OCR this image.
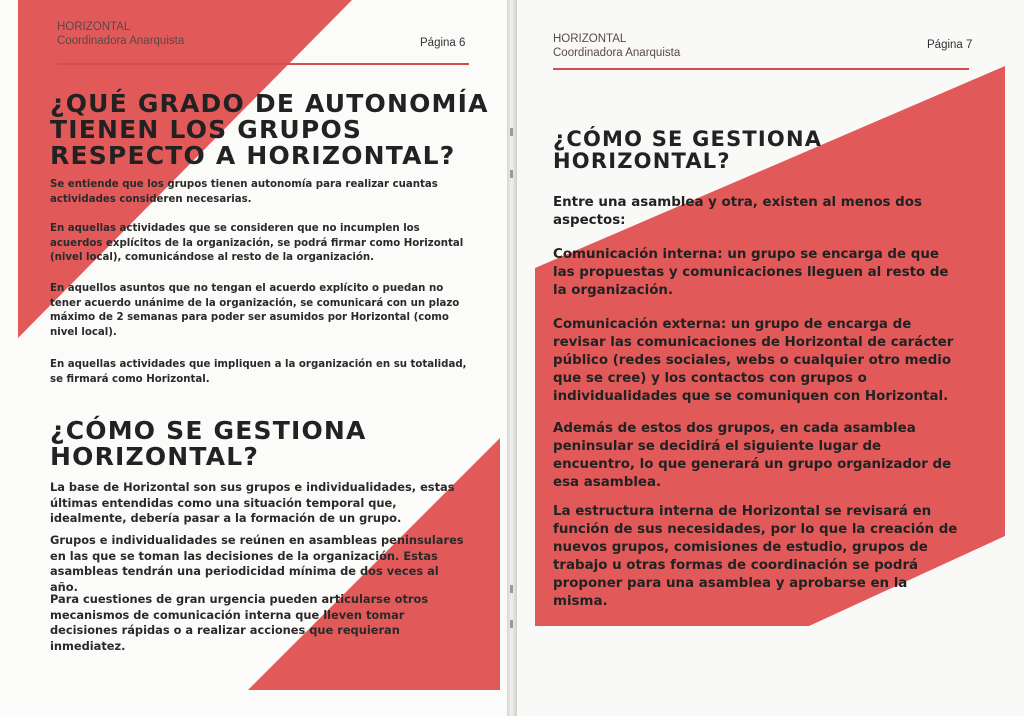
HORIZONTAL
Coordinadora Anarquista	Página 6
¿QUÉ GRADO DE AUTONOMÍA
TIENEN LOS GRUPOS
RESPECTO A HORIZONTAL?

Se entiende que los grupos tienen autonomía para realizar cuantas actividades consideren necesarias.

En aquellas actividades que se consideren que no incumplen los acuerdos explícitos de la organización, se podrá firmar como Horizontal (nivel local), comunicándose al resto de la organización.

En aquellos asuntos que no tengan el acuerdo explícito o puedan no tener acuerdo unánime de la organización, se comunicará con un plazo máximo de 2 semanas para poder ser asumidos por Horizontal (como nivel local).

En aquellas actividades que impliquen a la organización en su totalidad, se firmará como Horizontal.

¿CÓMO SE GESTIONA
HORIZONTAL?

La base de Horizontal son sus grupos e individualidades, estas últimas entendidas como una situación temporal que, idealmente, debería pasar a la formación de un grupo.

Grupos e individualidades se reúnen en asambleas peninsulares en las que se toman las decisiones de la organización. Estas asambleas tendrán una periodicidad mínima de dos veces al año.

Para cuestiones de gran urgencia pueden articularse otros mecanismos de comunicación interna que lleven tomar decisiones rápidas o a realizar acciones que requieran inmediatez.

HORIZONTAL
Coordinadora Anarquista
Página 7
¿CÓMO SE GESTIONA
HORIZONTAL?

Entre una asamblea y otra, existen al menos dos aspectos:

Comunicación interna: un grupo se encarga de que las propuestas y comunicaciones lleguen al resto de la organización.

Comunicación externa: un grupo de encarga de revisar las comunicaciones de Horizontal de carácter público (redes sociales, webs o cualquier otro medio que se cree) y los contactos con grupos o individualidades que se comuniquen con Horizontal.

Además de estos dos grupos, en cada asamblea peninsular se decidirá el siguiente lugar de encuentro, lo que generará un grupo organizador de esa asamblea.

La estructura interna de Horizontal se revisará en función de sus necesidades, por lo que la creación de nuevos grupos, comisiones de estudio, grupos de trabajo u otras formas de coordinación se podrá proponer para una asamblea y aprobarse en la misma.
